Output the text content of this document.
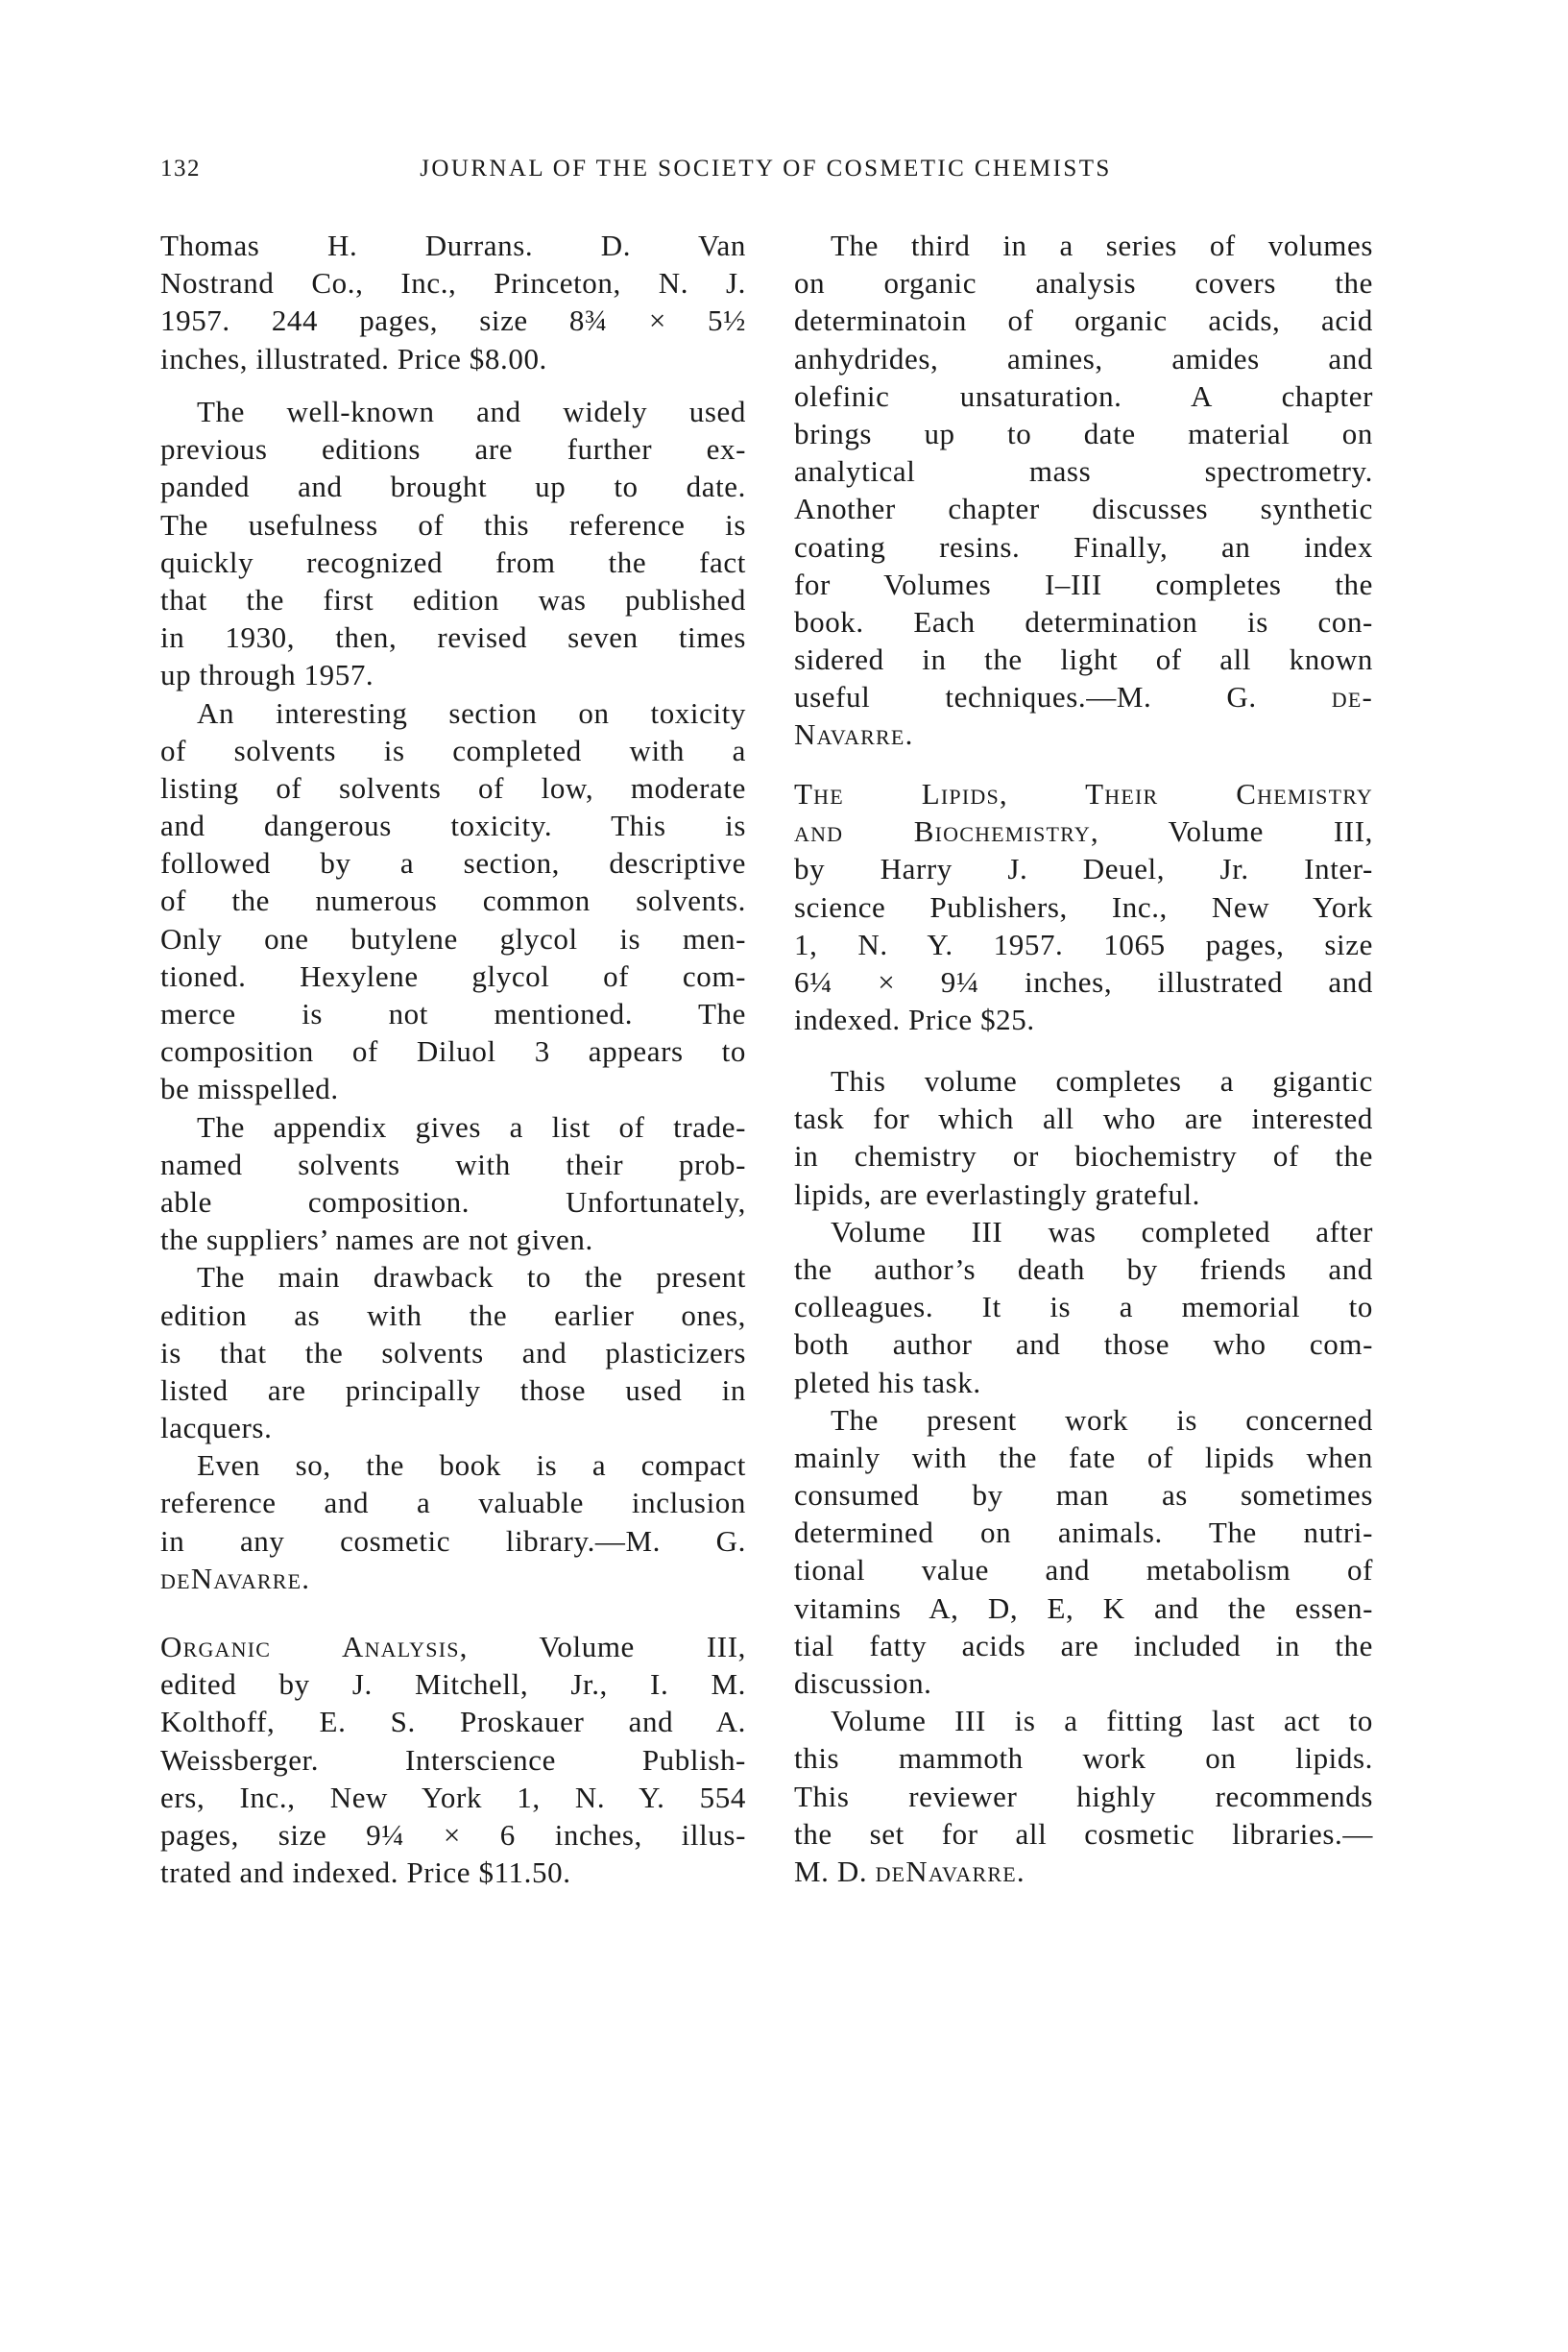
132	JOURNAL OF THE SOCIETY OF COSMETIC CHEMISTS
Thomas H. Durrans. D. Van
Nostrand Co., Inc., Princeton, N. J.
1957. 244 pages, size 8¾ × 5½
inches, illustrated. Price $8.00.
The well-known and widely used
previous editions are further ex-
panded and brought up to date.
The usefulness of this reference is
quickly recognized from the fact
that the first edition was published
in 1930, then, revised seven times
up through 1957.
An interesting section on toxicity
of solvents is completed with a
listing of solvents of low, moderate
and dangerous toxicity. This is
followed by a section, descriptive
of the numerous common solvents.
Only one butylene glycol is men-
tioned. Hexylene glycol of com-
merce is not mentioned. The
composition of Diluol 3 appears to
be misspelled.
The appendix gives a list of trade-
named solvents with their prob-
able composition. Unfortunately,
the suppliers’ names are not given.
The main drawback to the present
edition as with the earlier ones,
is that the solvents and plasticizers
listed are principally those used in
lacquers.
Even so, the book is a compact
reference and a valuable inclusion
in any cosmetic library.—M. G.
deNavarre.
Organic Analysis, Volume III,
edited by J. Mitchell, Jr., I. M.
Kolthoff, E. S. Proskauer and A.
Weissberger. Interscience Publish-
ers, Inc., New York 1, N. Y. 554
pages, size 9¼ × 6 inches, illus-
trated and indexed. Price $11.50.
The third in a series of volumes
on organic analysis covers the
determinatoin of organic acids, acid
anhydrides, amines, amides and
olefinic unsaturation. A chapter
brings up to date material on
analytical mass spectrometry.
Another chapter discusses synthetic
coating resins. Finally, an index
for Volumes I–III completes the
book. Each determination is con-
sidered in the light of all known
useful techniques.—M. G. de-
Navarre.
The Lipids, Their Chemistry
and Biochemistry, Volume III,
by Harry J. Deuel, Jr. Inter-
science Publishers, Inc., New York
1, N. Y. 1957. 1065 pages, size
6¼ × 9¼ inches, illustrated and
indexed. Price $25.
This volume completes a gigantic
task for which all who are interested
in chemistry or biochemistry of the
lipids, are everlastingly grateful.
Volume III was completed after
the author’s death by friends and
colleagues. It is a memorial to
both author and those who com-
pleted his task.
The present work is concerned
mainly with the fate of lipids when
consumed by man as sometimes
determined on animals. The nutri-
tional value and metabolism of
vitamins A, D, E, K and the essen-
tial fatty acids are included in the
discussion.
Volume III is a fitting last act to
this mammoth work on lipids.
This reviewer highly recommends
the set for all cosmetic libraries.—
M. D. deNavarre.
